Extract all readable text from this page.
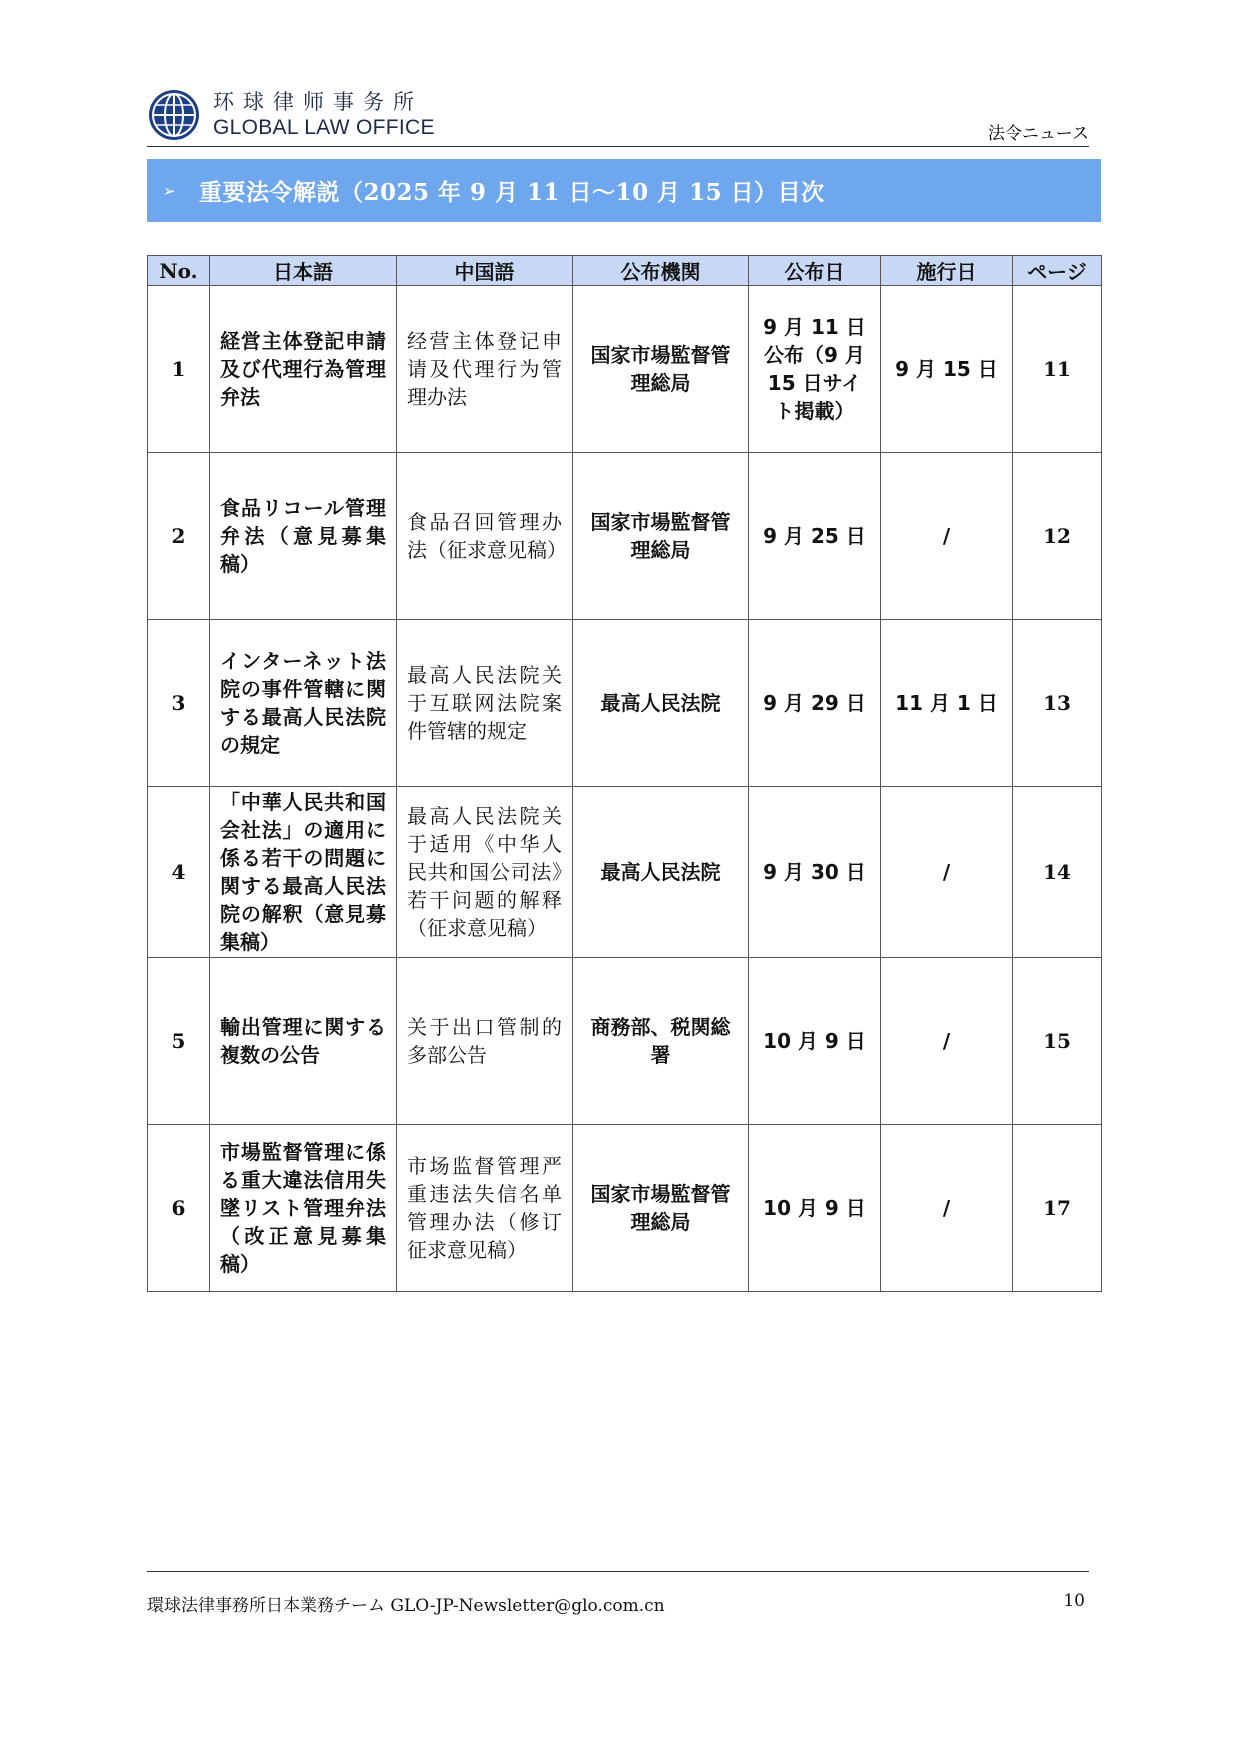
环球律师事务所
GLOBAL LAW OFFICE	法令ニュース
➢	重要法令解説（2025 年 9 月 11 日〜10 月 15 日）目次
No.	日本語	中国語	公布機関	公布日	施行日	ページ
1	経営主体登記申請及び代理行為管理弁法	经营主体登记申请及代理行为管理办法	国家市場監督管理総局	9 月 11 日公布（9 月 15 日サイト掲載）	9 月 15 日	11
2	食品リコール管理弁法（意見募集稿）	食品召回管理办法（征求意见稿）	国家市場監督管理総局	9 月 25 日	/	12
3	インターネット法院の事件管轄に関する最高人民法院の規定	最高人民法院关于互联网法院案件管辖的规定	最高人民法院	9 月 29 日	11 月 1 日	13
4	「中華人民共和国会社法」の適用に係る若干の問題に関する最高人民法院の解釈（意見募集稿）	最高人民法院关于适用《中华人民共和国公司法》若干问题的解释（征求意见稿）	最高人民法院	9 月 30 日	/	14
5	輸出管理に関する複数の公告	关于出口管制的多部公告	商務部、税関総署	10 月 9 日	/	15
6	市場監督管理に係る重大違法信用失墜リスト管理弁法（改正意見募集稿）	市场监督管理严重违法失信名单管理办法（修订征求意见稿）	国家市場監督管理総局	10 月 9 日	/	17
環球法律事務所日本業務チーム GLO-JP-Newsletter@glo.com.cn	10
